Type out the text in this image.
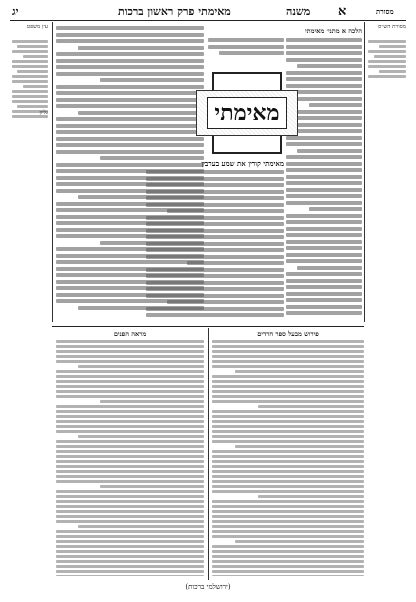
יג	מאימתי פרק ראשון ברכות	משנה א	מסורת
עין משפט	מסורת הש״ס
גליון
הלכה א מתני׳ מאימתי
מאימתי
מאימתי קורין את שמע בערבין
מראה הפנים	פירוש מבעל ספר חרדים
(ירושלמי ברכות)
